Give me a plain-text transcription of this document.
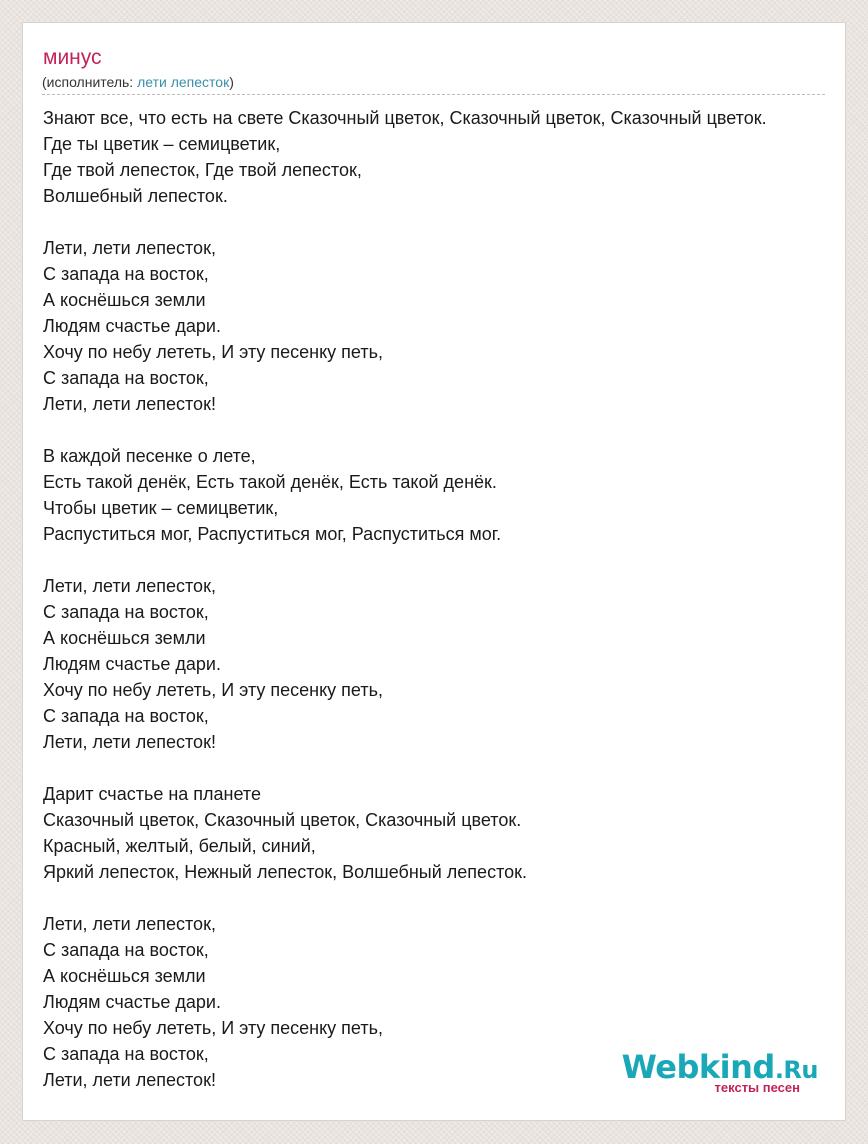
минус
(исполнитель: лети лепесток)
Знают все, что есть на свете Сказочный цветок, Сказочный цветок, Сказочный цветок.
Где ты цветик – семицветик,
Где твой лепесток, Где твой лепесток,
Волшебный лепесток.
Лети, лети лепесток,
С запада на восток,
А коснёшься земли
Людям счастье дари.
Хочу по небу лететь, И эту песенку петь,
С запада на восток,
Лети, лети лепесток!
В каждой песенке о лете,
Есть такой денёк, Есть такой денёк, Есть такой денёк.
Чтобы цветик – семицветик,
Распуститься мог, Распуститься мог, Распуститься мог.
Лети, лети лепесток,
С запада на восток,
А коснёшься земли
Людям счастье дари.
Хочу по небу лететь, И эту песенку петь,
С запада на восток,
Лети, лети лепесток!
Дарит счастье на планете
Сказочный цветок, Сказочный цветок, Сказочный цветок.
Красный, желтый, белый, синий,
Яркий лепесток, Нежный лепесток, Волшебный лепесток.
Лети, лети лепесток,
С запада на восток,
А коснёшься земли
Людям счастье дари.
Хочу по небу лететь, И эту песенку петь,
С запада на восток,
Лети, лети лепесток!	Webkind.Ru
тексты песен
